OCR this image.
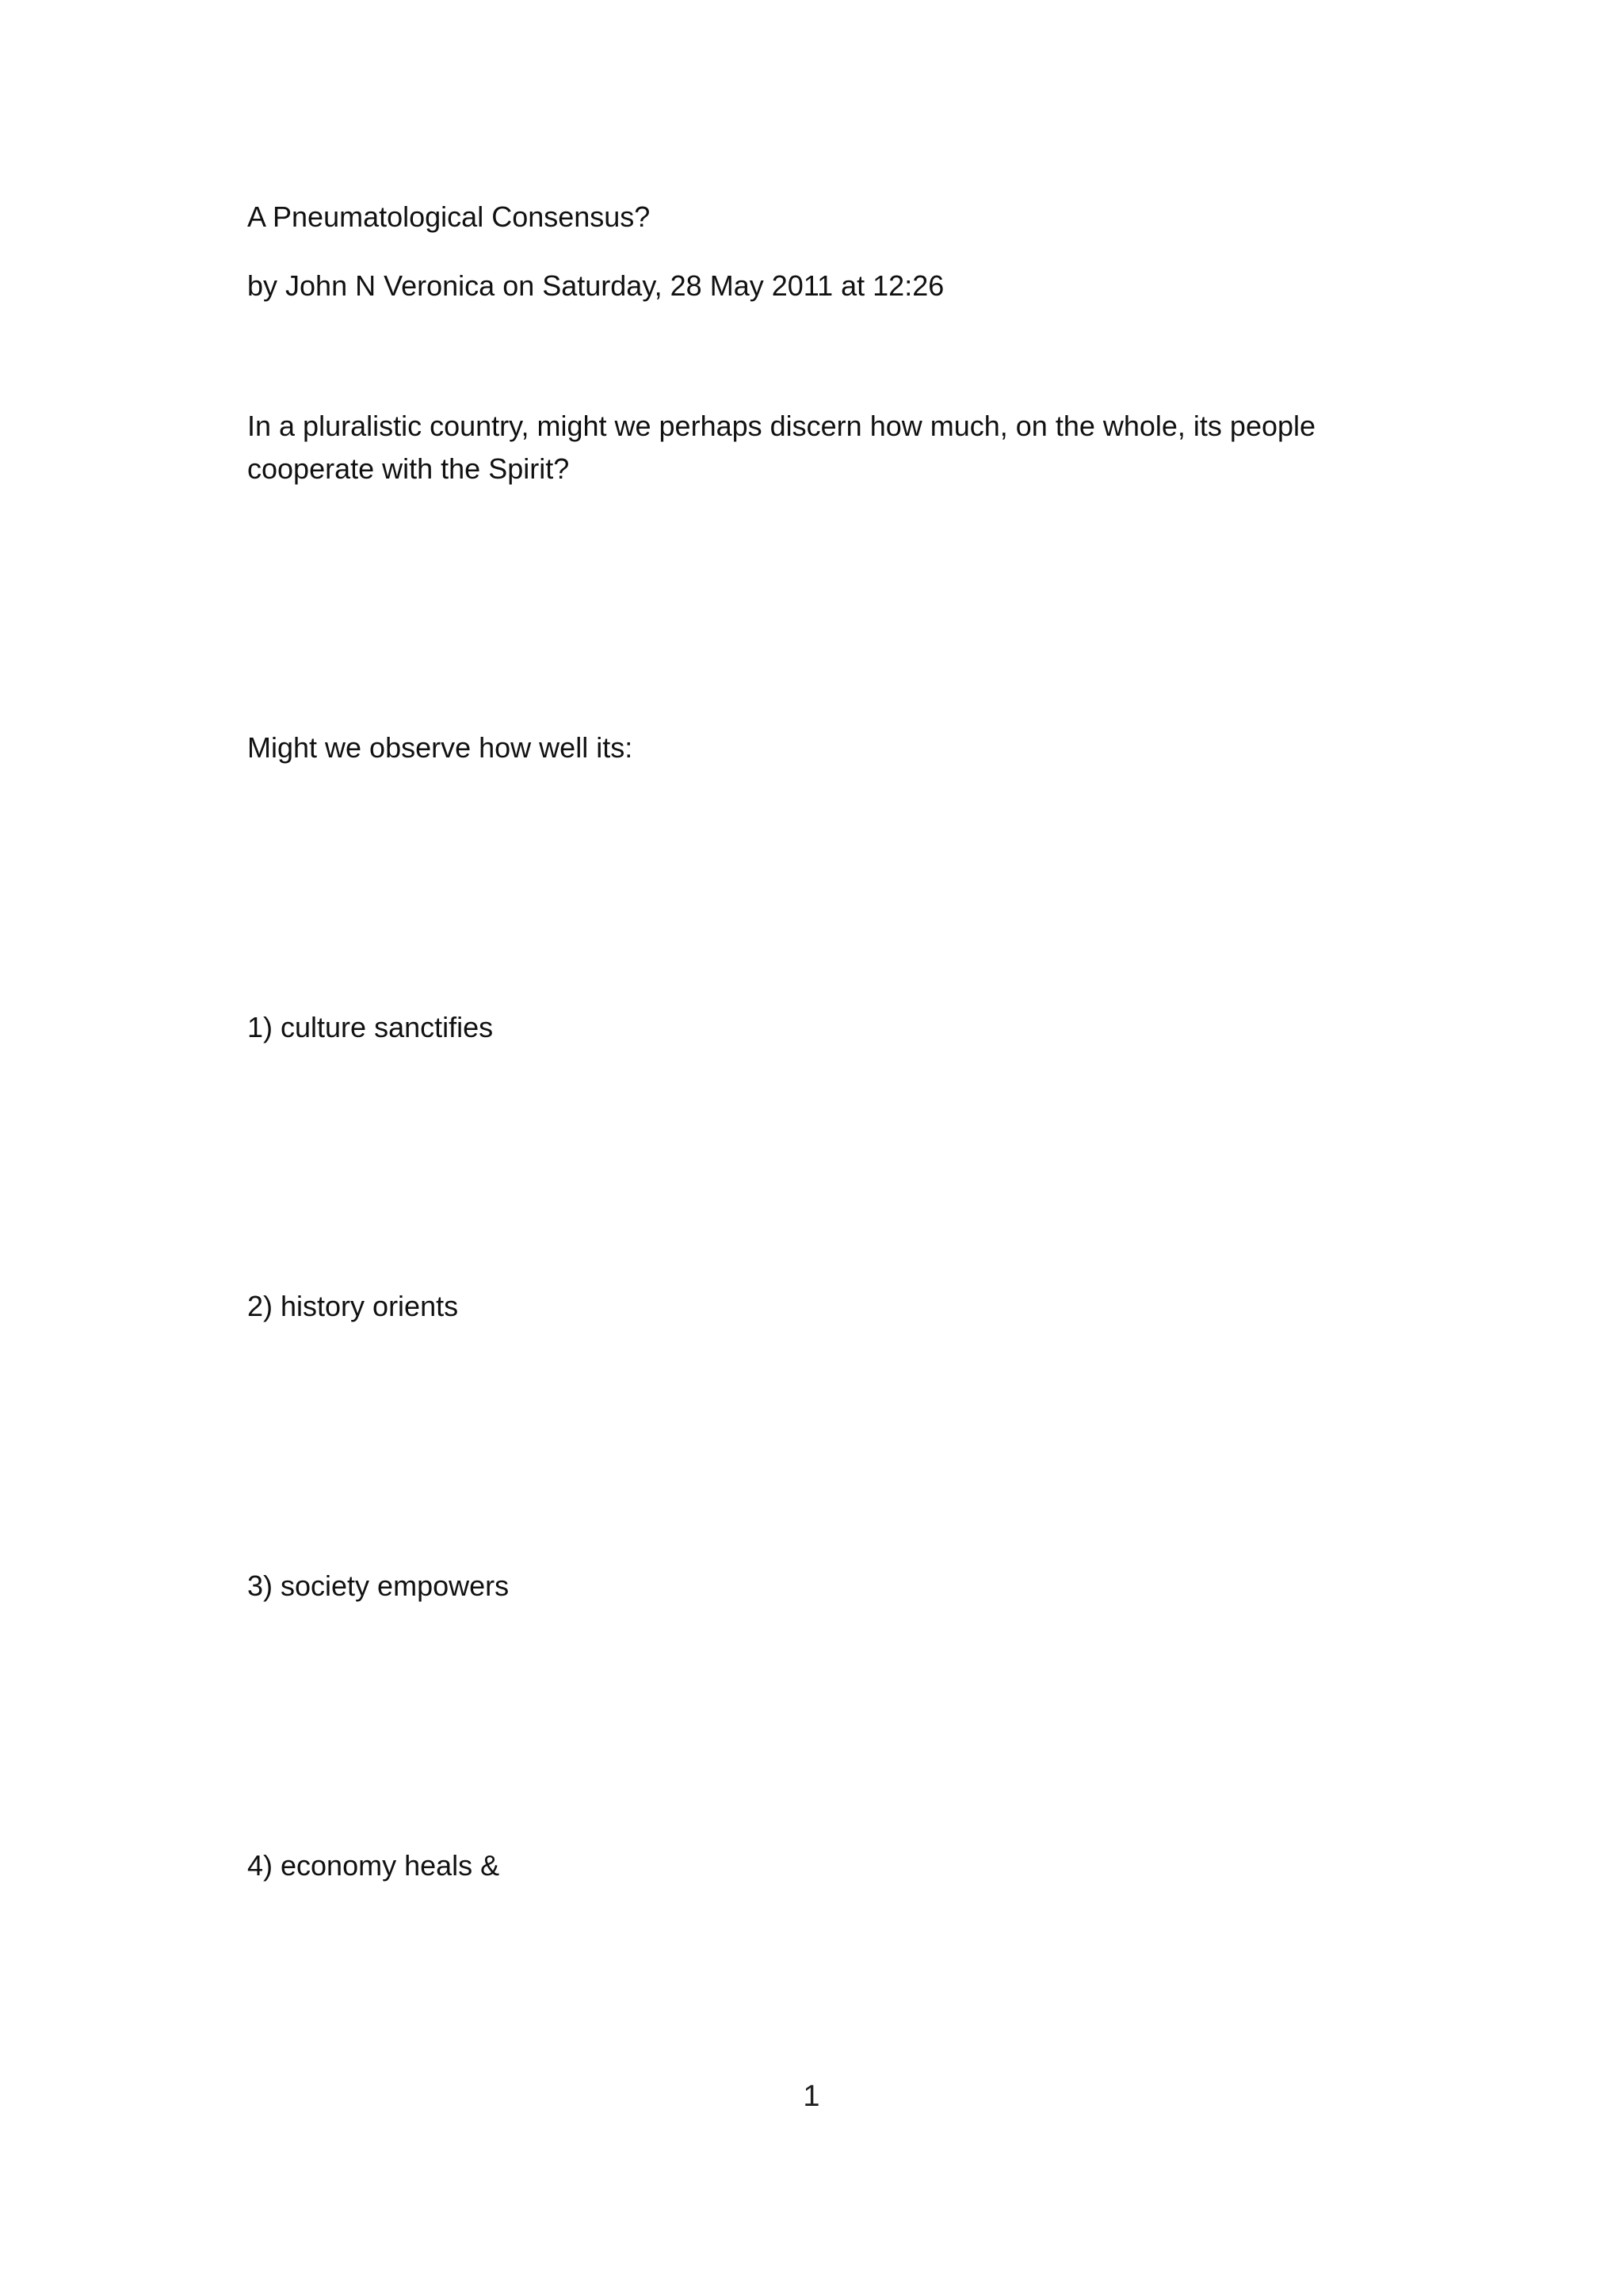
A Pneumatological Consensus?
by John N Veronica on Saturday, 28 May 2011 at 12:26
In a pluralistic country, might we perhaps discern how much, on the whole, its people cooperate with the Spirit?
Might we observe how well its:
1) culture sanctifies
2) history orients
3) society empowers
4) economy heals &
1
